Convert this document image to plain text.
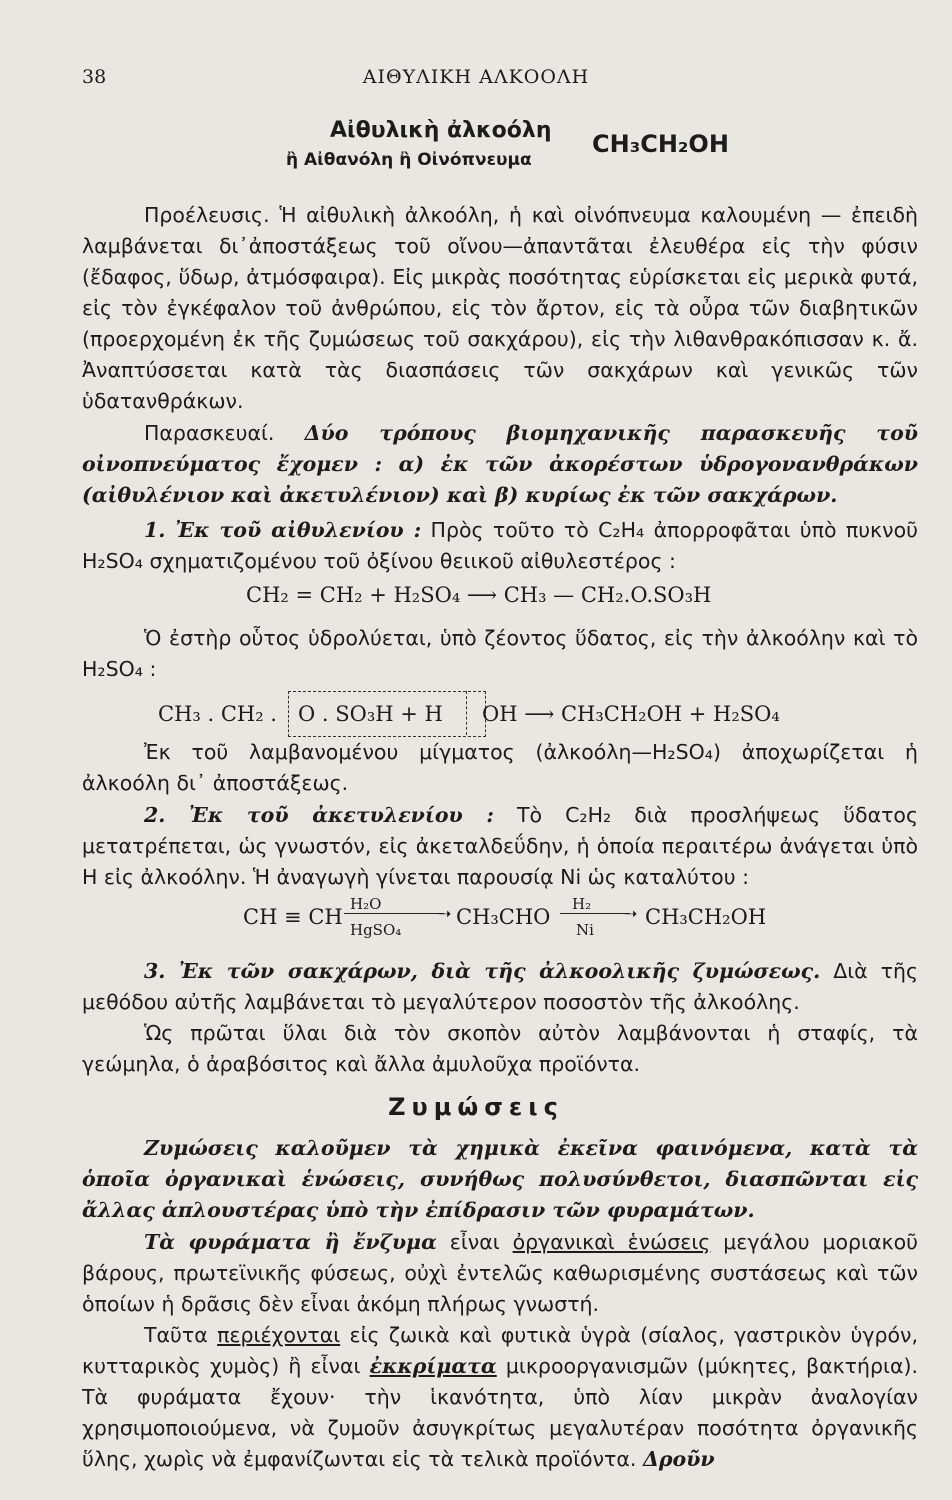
38	ΑΙΘΥΛΙΚΗ ΑΛΚΟΟΛΗ
Αἰθυλικὴ ἀλκοόλη
ἢ Αἰθανόλη ἢ Οἰνόπνευμα
CH₃CH₂OH

Προέλευσις. Ἡ αἰθυλικὴ ἀλκοόλη, ἡ καὶ οἰνόπνευμα καλουμένη — ἐπειδὴ λαμβάνεται δι᾿ἀποστάξεως τοῦ οἴνου—ἀπαντᾶται ἐλευθέρα εἰς τὴν φύσιν (ἔδαφος, ὕδωρ, ἀτμόσφαιρα). Εἰς μικρὰς ποσότητας εὑρίσκεται εἰς μερικὰ φυτά, εἰς τὸν ἐγκέφαλον τοῦ ἀνθρώπου, εἰς τὸν ἄρτον, εἰς τὰ οὖρα τῶν διαβητικῶν (προερχομένη ἐκ τῆς ζυμώσεως τοῦ σακχάρου), εἰς τὴν λιθανθρακόπισσαν κ. ἄ. Ἀναπτύσσεται κατὰ τὰς διασπάσεις τῶν σακχάρων καὶ γενικῶς τῶν ὑδατανθράκων.

Παρασκευαί. Δύο τρόπους βιομηχανικῆς παρασκευῆς τοῦ οἰνοπνεύματος ἔχομεν : α) ἐκ τῶν ἀκορέστων ὑδρογονανθράκων (αἰθυλένιον καὶ ἀκετυλένιον) καὶ β) κυρίως ἐκ τῶν σακχάρων.

1. Ἐκ τοῦ αἰθυλενίου : Πρὸς τοῦτο τὸ C₂H₄ ἀπορροφᾶται ὑπὸ πυκνοῦ H₂SO₄ σχηματιζομένου τοῦ ὀξίνου θειικοῦ αἰθυλεστέρος :

CH₂ = CH₂ + H₂SO₄ ⟶ CH₃ — CH₂.O.SO₃H

Ὁ ἐστὴρ οὗτος ὑδρολύεται, ὑπὸ ζέοντος ὕδατος, εἰς τὴν ἀλκοόλην καὶ τὸ H₂SO₄ :

CH₃ . CH₂ . O . SO₃H + H OH ⟶ CH₃CH₂OH + H₂SO₄

Ἐκ τοῦ λαμβανομένου μίγματος (ἀλκοόλη—H₂SO₄) ἀποχωρίζεται ἡ ἀλκοόλη δι᾿ ἀποστάξεως.

2. Ἐκ τοῦ ἀκετυλενίου : Τὸ C₂H₂ διὰ προσλήψεως ὕδατος μετατρέπεται, ὡς γνωστόν, εἰς ἀκεταλδεΰδην, ἡ ὁποία περαιτέρω ἀνάγεται ὑπὸ H εἰς ἀλκοόλην. Ἡ ἀναγωγὴ γίνεται παρουσίᾳ Ni ὡς καταλύτου :

CH ≡ CH
H₂O	➝
HgSO₄
CH₃CHO
H₂ ➝
Ni
CH₃CH₂OH

3. Ἐκ τῶν σακχάρων, διὰ τῆς ἀλκοολικῆς ζυμώσεως. Διὰ τῆς μεθόδου αὐτῆς λαμβάνεται τὸ μεγαλύτερον ποσοστὸν τῆς ἀλκοόλης.

Ὡς πρῶται ὕλαι διὰ τὸν σκοπὸν αὐτὸν λαμβάνονται ἡ σταφίς, τὰ γεώμηλα, ὁ ἀραβόσιτος καὶ ἄλλα ἀμυλοῦχα προϊόντα.

Ζυμώσεις

Ζυμώσεις καλοῦμεν τὰ χημικὰ ἐκεῖνα φαινόμενα, κατὰ τὰ ὁποῖα ὀργανικαὶ ἑνώσεις, συνήθως πολυσύνθετοι, διασπῶνται εἰς ἄλλας ἁπλουστέρας ὑπὸ τὴν ἐπίδρασιν τῶν φυραμάτων.

Τὰ φυράματα ἢ ἔνζυμα εἶναι ὀργανικαὶ ἑνώσεις μεγάλου μοριακοῦ βάρους, πρωτεϊνικῆς φύσεως, οὐχὶ ἐντελῶς καθωρισμένης συστάσεως καὶ τῶν ὁποίων ἡ δρᾶσις δὲν εἶναι ἀκόμη πλήρως γνωστή.

Ταῦτα περιέχονται εἰς ζωικὰ καὶ φυτικὰ ὑγρὰ (σίαλος, γαστρικὸν ὑγρόν, κυτταρικὸς χυμὸς) ἢ εἶναι ἐκκρίματα μικροοργανισμῶν (μύκητες, βακτήρια). Τὰ φυράματα ἔχουν· τὴν ἱκανότητα, ὑπὸ λίαν μικρὰν ἀναλογίαν χρησιμοποιούμενα, νὰ ζυμοῦν ἀσυγκρίτως μεγαλυτέραν ποσότητα ὀργανικῆς ὕλης, χωρὶς νὰ ἐμφανίζωνται εἰς τὰ τελικὰ προϊόντα. Δροῦν
